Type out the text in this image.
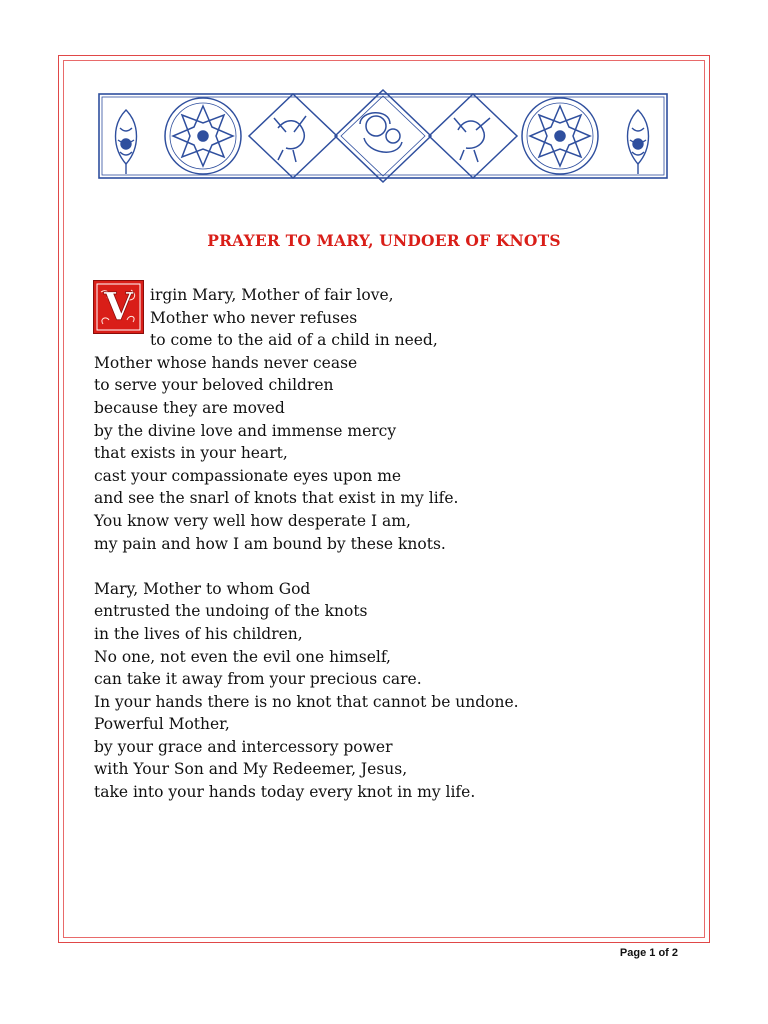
PRAYER TO MARY, UNDOER OF KNOTS
V	irgin Mary, Mother of fair love,
Mother who never refuses
to come to the aid of a child in need,
Mother whose hands never cease
to serve your beloved children
because they are moved
by the divine love and immense mercy
that exists in your heart,
cast your compassionate eyes upon me
and see the snarl of knots that exist in my life.
You know very well how desperate I am,
my pain and how I am bound by these knots.
Mary, Mother to whom God
entrusted the undoing of the knots
in the lives of his children,
No one, not even the evil one himself,
can take it away from your precious care.
In your hands there is no knot that cannot be undone.
Powerful Mother,
by your grace and intercessory power
with Your Son and My Redeemer, Jesus,
take into your hands today every knot in my life.
Page 1 of 2
